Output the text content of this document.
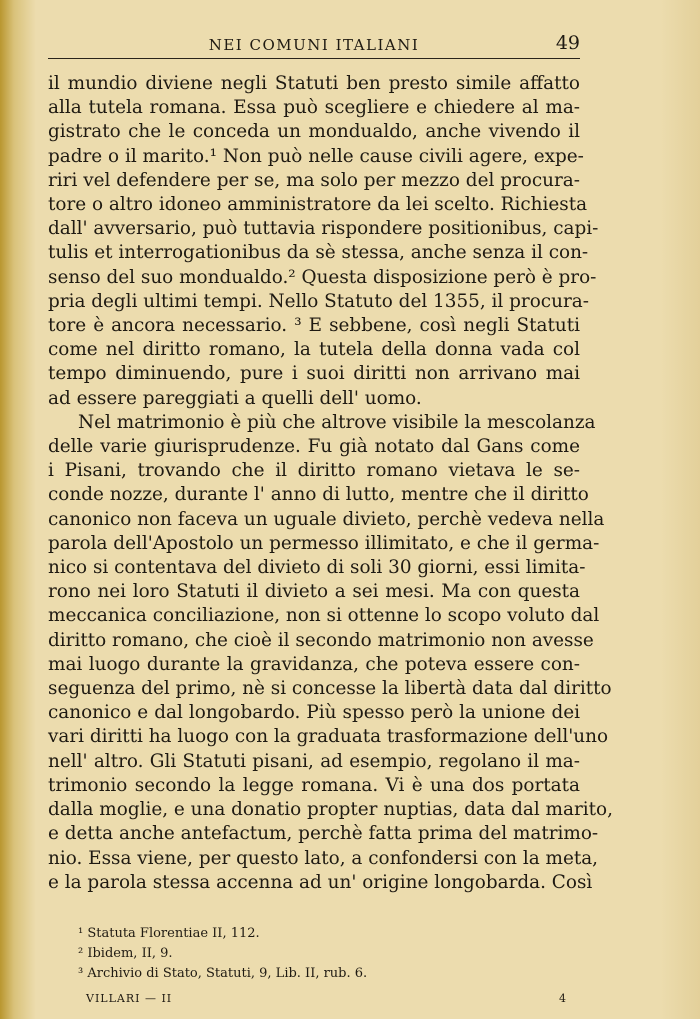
NEI COMUNI ITALIANI	49
il mundio diviene negli Statuti ben presto simile affatto
alla tutela romana. Essa può scegliere e chiedere al ma-
gistrato che le conceda un mondualdo, anche vivendo il
padre o il marito.¹ Non può nelle cause civili agere, expe-
riri vel defendere per se, ma solo per mezzo del procura-
tore o altro idoneo amministratore da lei scelto. Richiesta
dall' avversario, può tuttavia rispondere positionibus, capi-
tulis et interrogationibus da sè stessa, anche senza il con-
senso del suo mondualdo.² Questa disposizione però è pro-
pria degli ultimi tempi. Nello Statuto del 1355, il procura-
tore è ancora necessario. ³ E sebbene, così negli Statuti
come nel diritto romano, la tutela della donna vada col
tempo diminuendo, pure i suoi diritti non arrivano mai
ad essere pareggiati a quelli dell' uomo.
Nel matrimonio è più che altrove visibile la mescolanza
delle varie giurisprudenze. Fu già notato dal Gans come
i Pisani, trovando che il diritto romano vietava le se-
conde nozze, durante l' anno di lutto, mentre che il diritto
canonico non faceva un uguale divieto, perchè vedeva nella
parola dell'Apostolo un permesso illimitato, e che il germa-
nico si contentava del divieto di soli 30 giorni, essi limita-
rono nei loro Statuti il divieto a sei mesi. Ma con questa
meccanica conciliazione, non si ottenne lo scopo voluto dal
diritto romano, che cioè il secondo matrimonio non avesse
mai luogo durante la gravidanza, che poteva essere con-
seguenza del primo, nè si concesse la libertà data dal diritto
canonico e dal longobardo. Più spesso però la unione dei
vari diritti ha luogo con la graduata trasformazione dell'uno
nell' altro. Gli Statuti pisani, ad esempio, regolano il ma-
trimonio secondo la legge romana. Vi è una dos portata
dalla moglie, e una donatio propter nuptias, data dal marito,
e detta anche antefactum, perchè fatta prima del matrimo-
nio. Essa viene, per questo lato, a confondersi con la meta,
e la parola stessa accenna ad un' origine longobarda. Così
¹ Statuta Florentiae II, 112.
² Ibidem, II, 9.
³ Archivio di Stato, Statuti, 9, Lib. II, rub. 6.
VILLARI — II	4
